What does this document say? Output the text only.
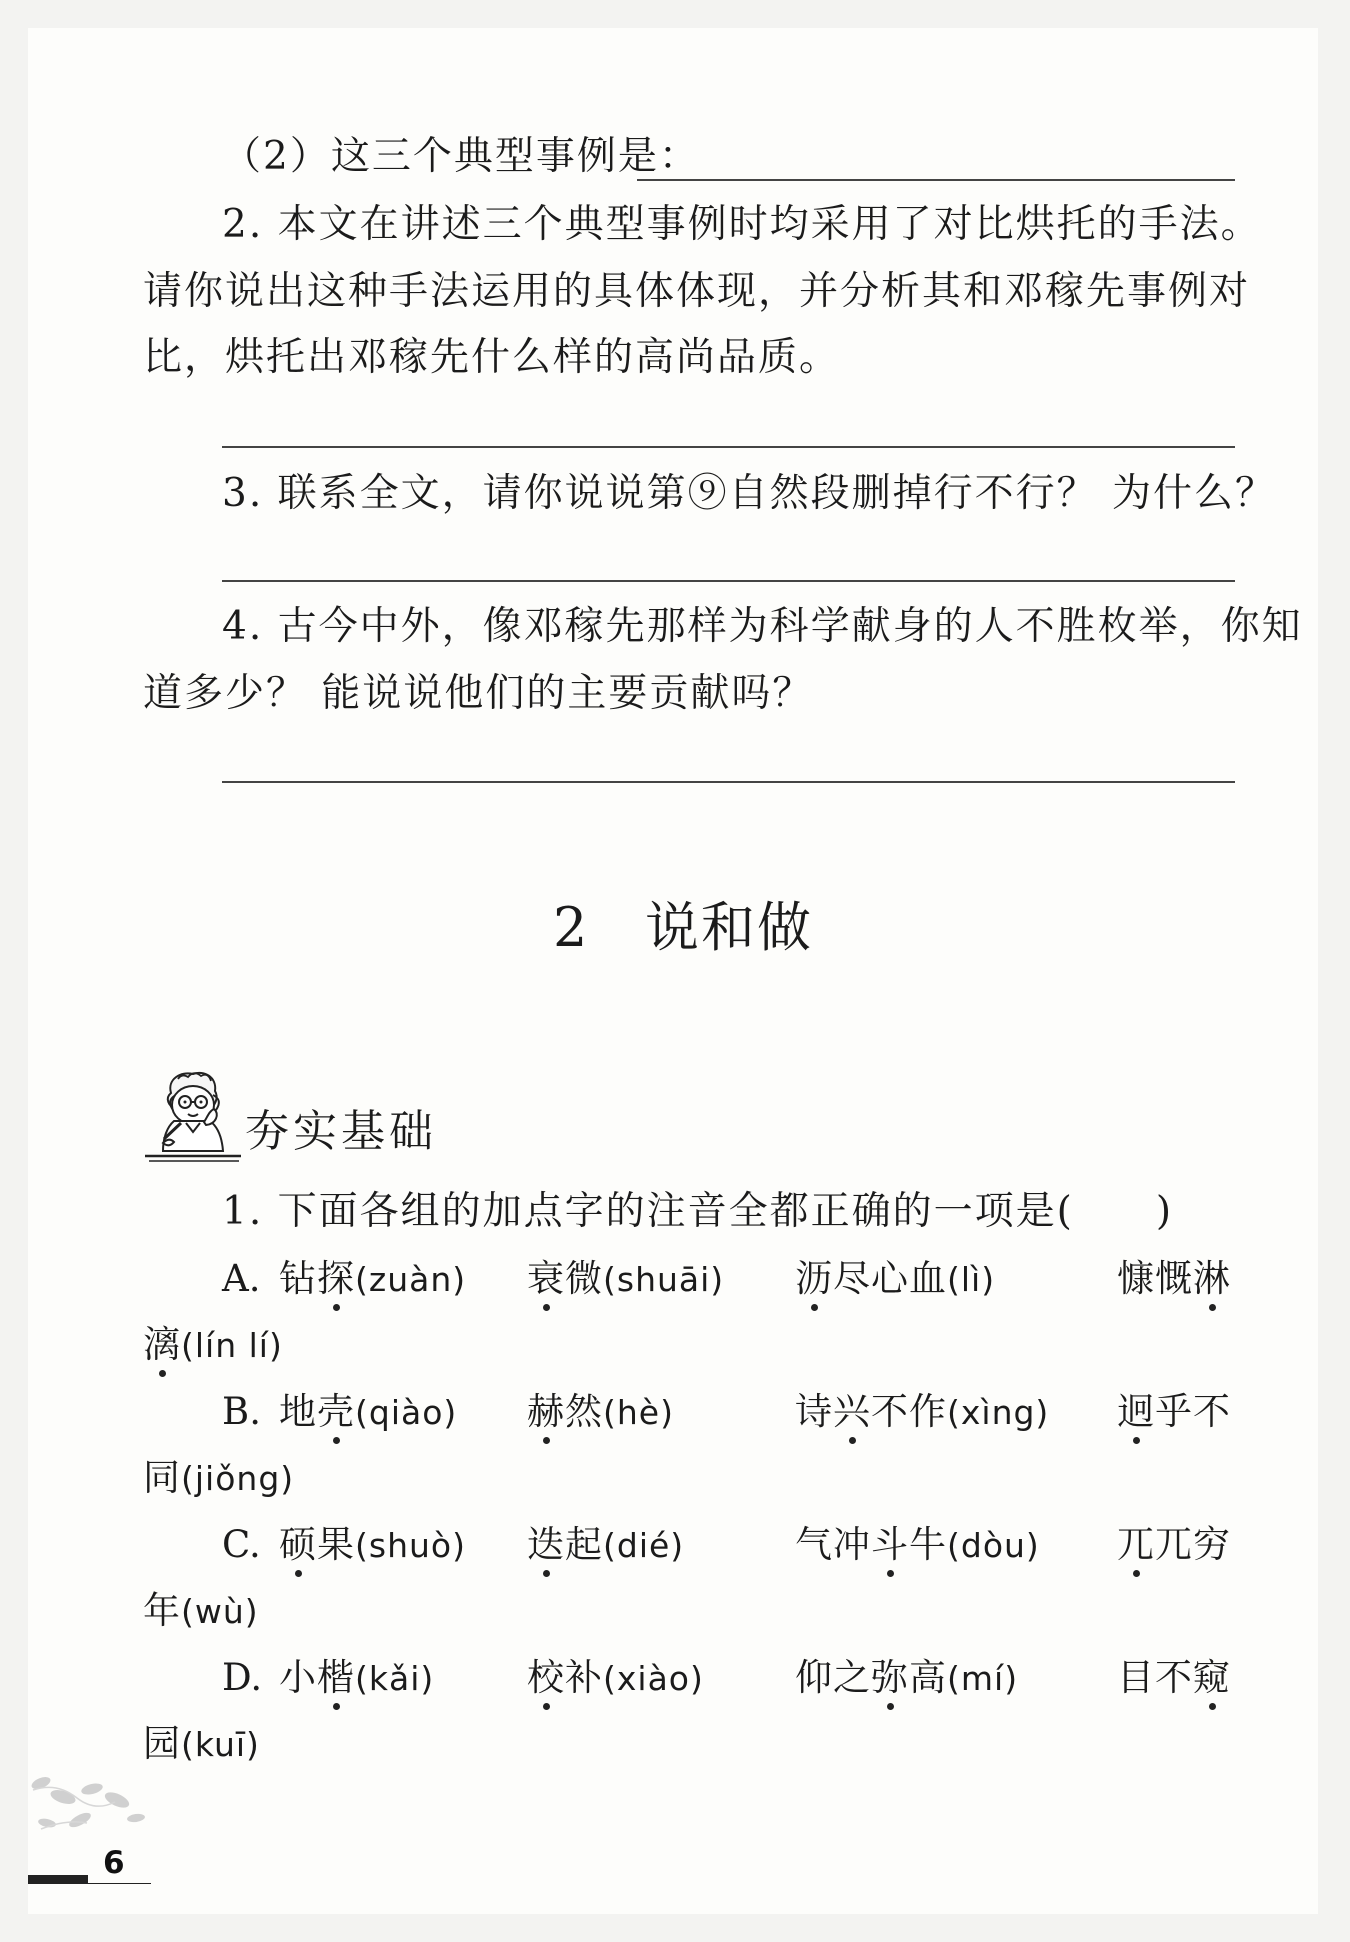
（2）这三个典型事例是：
2. 本文在讲述三个典型事例时均采用了对比烘托的手法。
请你说出这种手法运用的具体体现，并分析其和邓稼先事例对
比，烘托出邓稼先什么样的高尚品质。
3. 联系全文，请你说说第⑨自然段删掉行不行？ 为什么？
4. 古今中外，像邓稼先那样为科学献身的人不胜枚举，你知
道多少？ 能说说他们的主要贡献吗？
2 说和做
夯实基础
1. 下面各组的加点字的注音全都正确的一项是(　　)
A. 钻探(zuàn) 衰微(shuāi) 沥尽心血(lì)	慷慨淋
漓(lín lí)
B. 地壳(qiào) 赫然(hè)	诗兴不作(xìng) 迥乎不
同(jiǒng)
C. 硕果(shuò) 迭起(dié)	气冲斗牛(dòu) 兀兀穷
年(wù)
D. 小楷(kǎi)	校补(xiào) 仰之弥高(mí)	目不窥
园(kuī)
6
